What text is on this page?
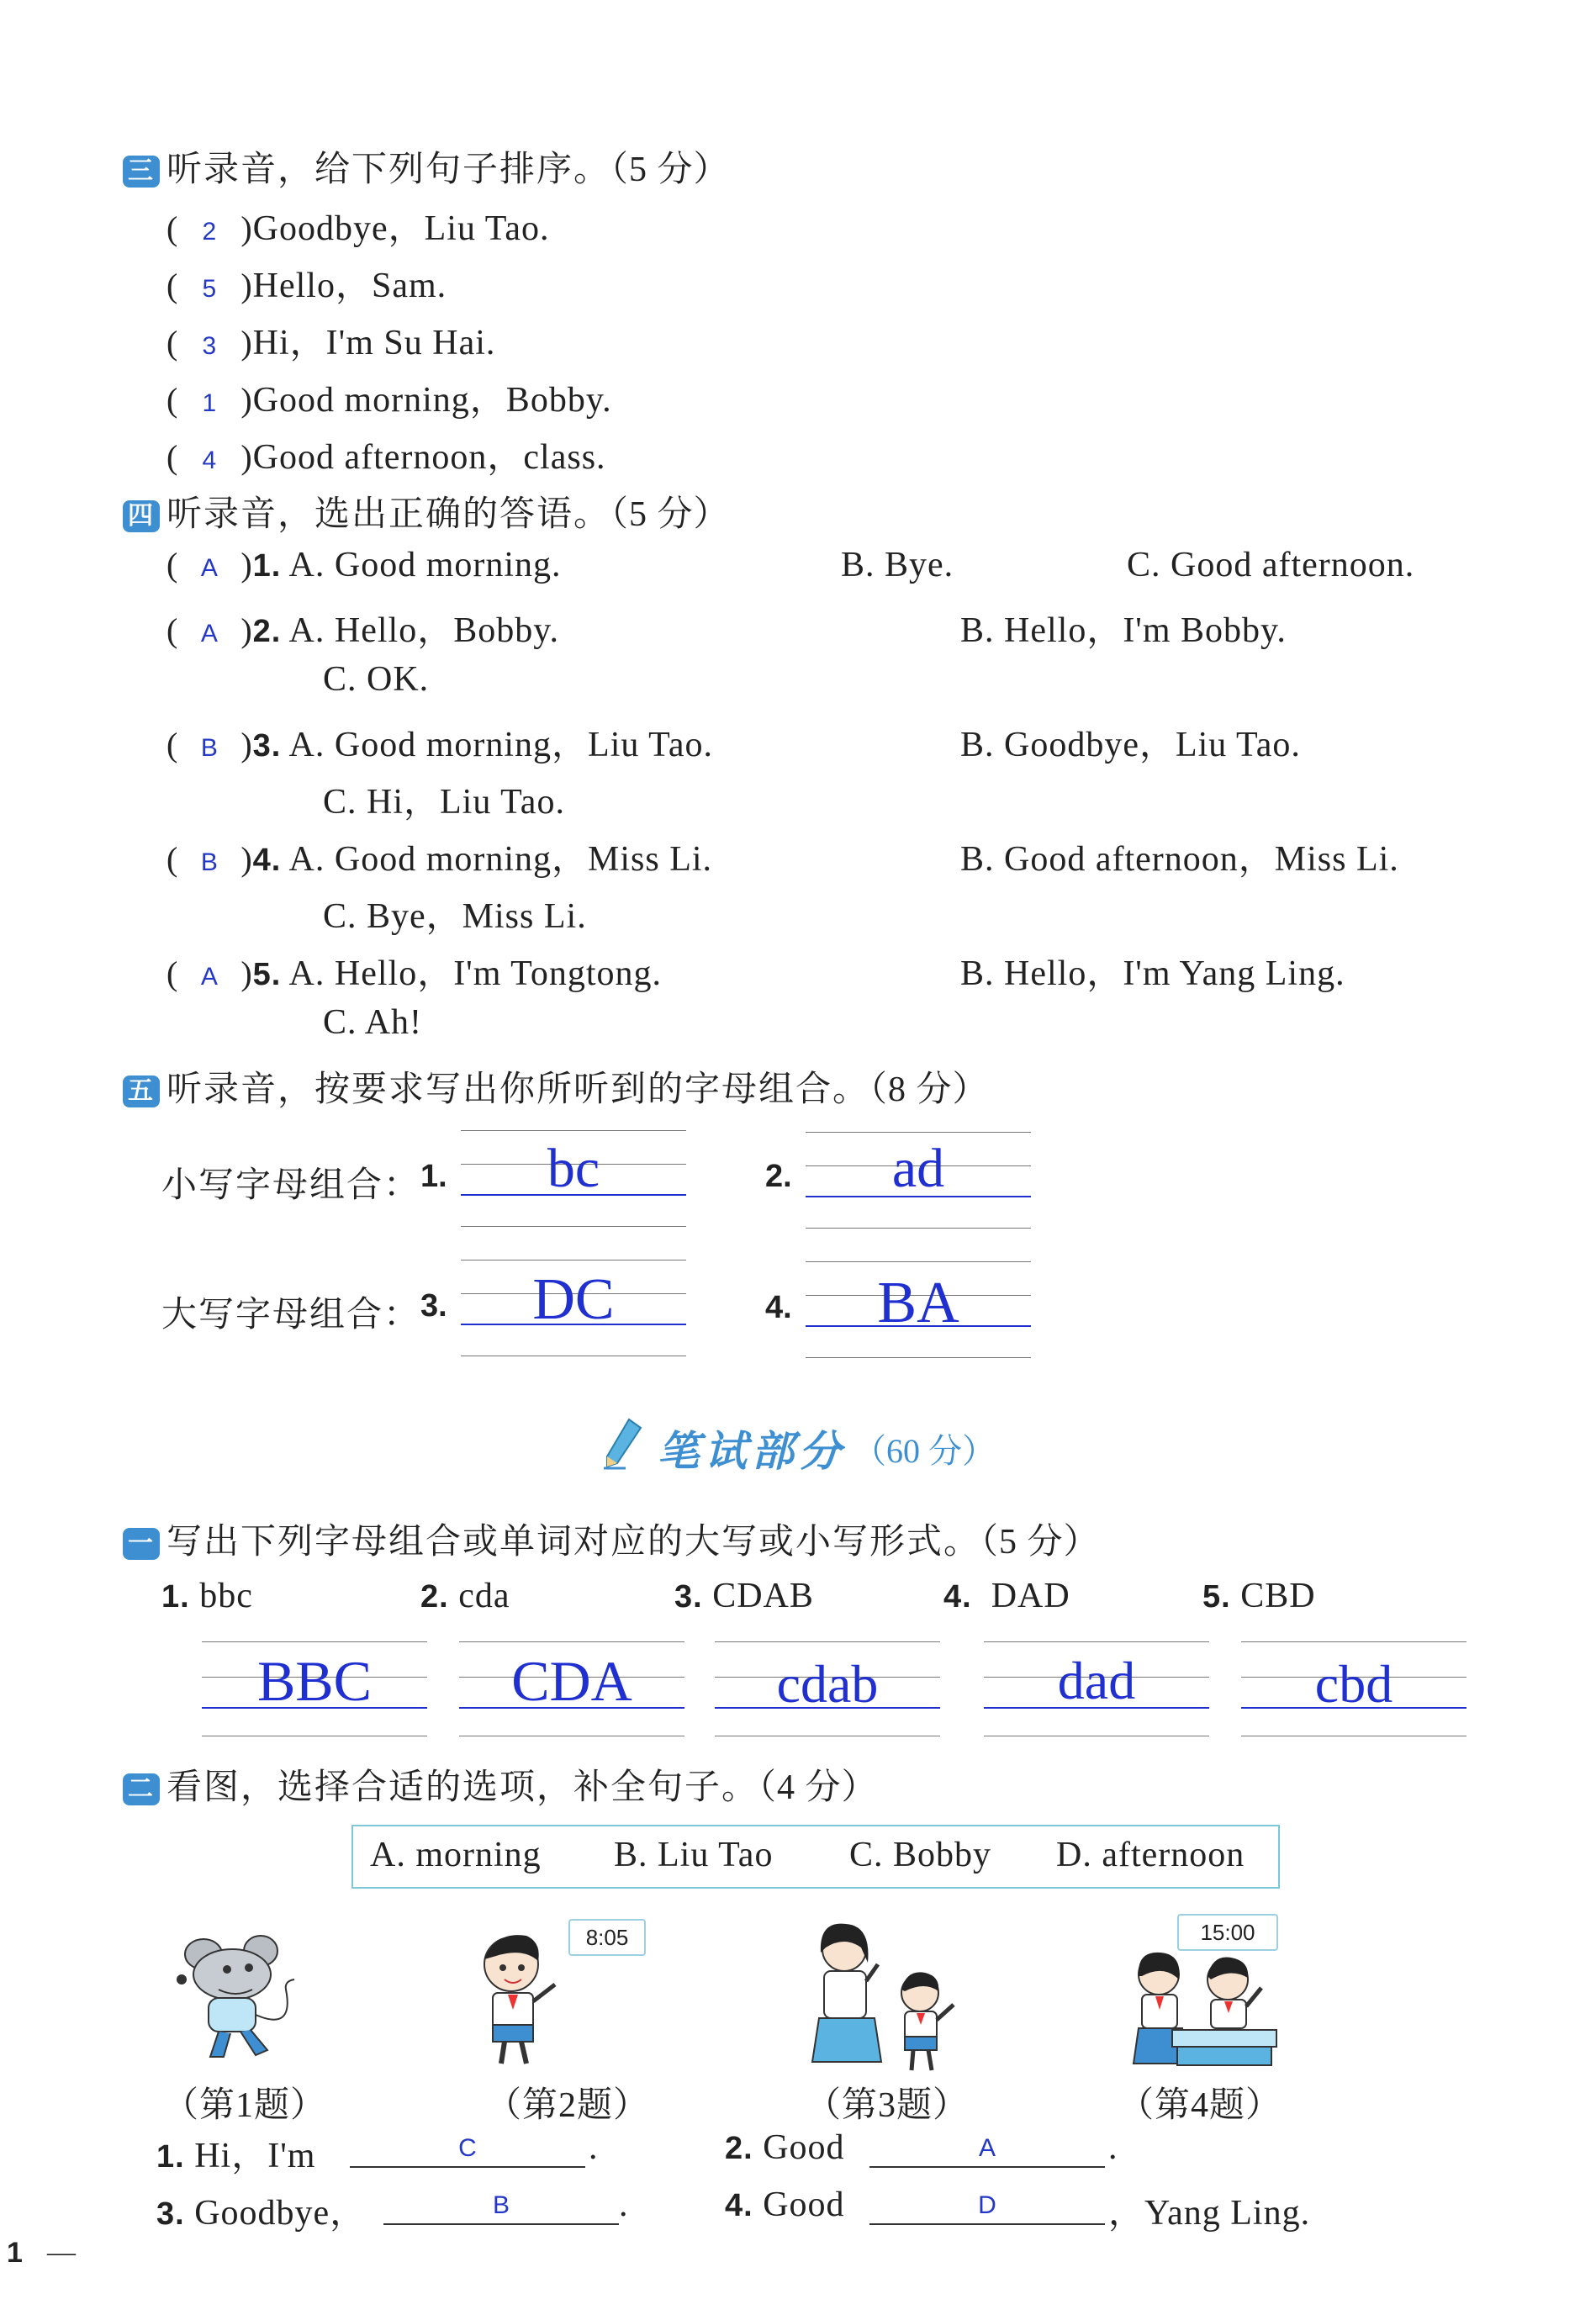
三 听录音，给下列句子排序。（5 分）
( 2 )Goodbye，Liu Tao.
( 5 )Hello，Sam.
( 3 )Hi，I'm Su Hai.
( 1 )Good morning，Bobby.
( 4 )Good afternoon，class.
四 听录音，选出正确的答语。（5 分）
( A )1. A. Good morning.	B. Bye.	C. Good afternoon.
( A )2. A. Hello，Bobby.	B. Hello，I'm Bobby.
C. OK.
( B )3. A. Good morning，Liu Tao.	B. Goodbye，Liu Tao.
C. Hi，Liu Tao.
( B )4. A. Good morning，Miss Li.	B. Good afternoon，Miss Li.
C. Bye，Miss Li.
( A )5. A. Hello，I'm Tongtong.	B. Hello，I'm Yang Ling.
C. Ah!
五 听录音，按要求写出你所听到的字母组合。（8 分）
小写字母组合：
大写字母组合：
1.	bc	2.	ad
3.	DC	4.	BA
笔试部分 （60 分）
一 写出下列字母组合或单词对应的大写或小写形式。（5 分）
1. bbc	2. cda	3. CDAB	4. DAD	5. CBD
BBC	CDA	cdab	dad	cbd
二 看图，选择合适的选项，补全句子。（4 分）
A. morning B. Liu Tao C. Bobby D. afternoon
8:05	15:00
（第1题）	（第2题）	（第3题）	（第4题）
1. Hi，I'm	C	.	2. Good	A	.
3. Goodbye，	B	.	4. Good	D	，Yang Ling.
1 —
